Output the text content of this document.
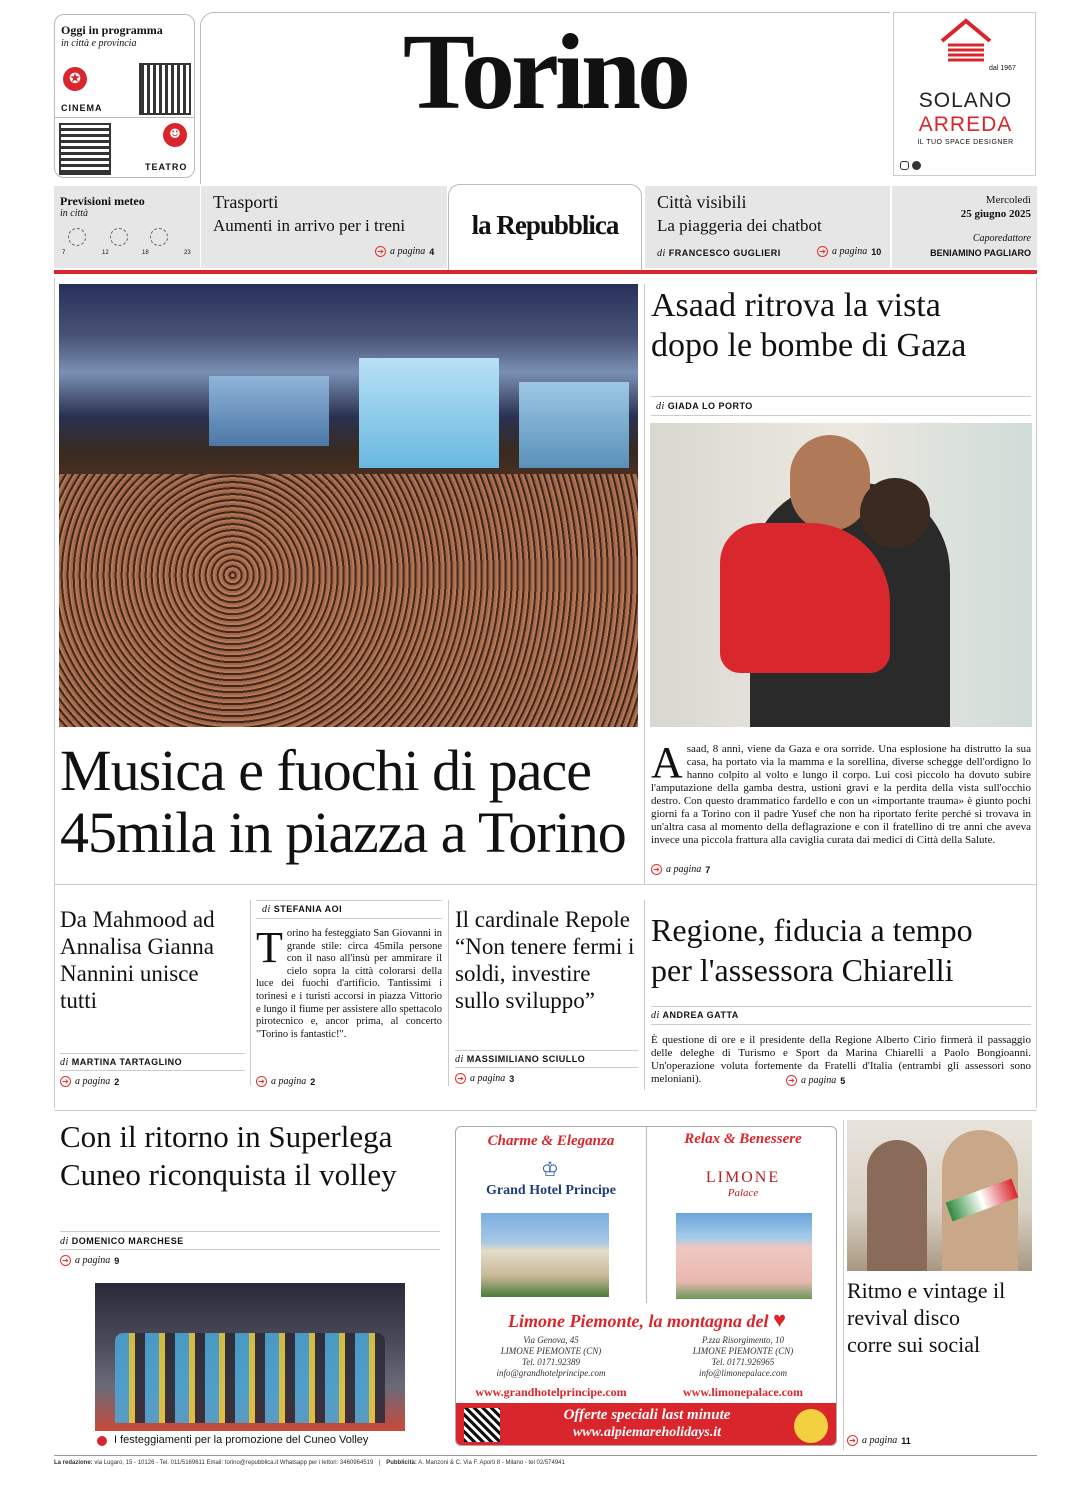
Oggi in programma
in città e provincia
✪
CINEMA
☻
TEATRO
Torino	dal 1967
SOLANO
ARREDA
IL TUO SPACE DESIGNER
Previsioni meteo
in città
7	12	18	23
Trasporti
Aumenti in arrivo per i treni
➔ a pagina 4
la Repubblica
Città visibili
La piaggeria dei chatbot
di FRANCESCO GUGLIERI	➔ a pagina 10
Mercoledì
25 giugno 2025
Caporedattore
BENIAMINO PAGLIARO
Musica e fuochi di pace
45mila in piazza a Torino
Asaad ritrova la vista
dopo le bombe di Gaza
di GIADA LO PORTO
Asaad, 8 anni, viene da Gaza e ora sorride. Una esplosione ha distrutto la sua casa, ha portato via la mamma e la sorellina, diverse schegge dell'ordigno lo hanno colpito al volto e lungo il corpo. Lui così piccolo ha dovuto subire l'amputazione della gamba destra, ustioni gravi e la perdita della vista sull'occhio destro. Con questo drammatico fardello e con un «importante trauma» è giunto pochi giorni fa a Torino con il padre Yusef che non ha riportato ferite perché si trovava in un'altra casa al momento della deflagrazione e con il fratellino di tre anni che aveva invece una piccola frattura alla caviglia curata dai medici di Città della Salute.
➔ a pagina 7
Da Mahmood ad Annalisa Gianna Nannini unisce tutti
di MARTINA TARTAGLINO
➔ a pagina 2
di STEFANIA AOI
Torino ha festeggiato San Giovanni in grande stile: circa 45mila persone con il naso all'insù per ammirare il cielo sopra la città colorarsi della luce dei fuochi d'artificio. Tantissimi i torinesi e i turisti accorsi in piazza Vittorio e lungo il fiume per assistere allo spettacolo pirotecnico e, ancor prima, al concerto "Torino is fantastic!".
➔ a pagina 2
Il cardinale Repole “Non tenere fermi i soldi, investire sullo sviluppo”
di MASSIMILIANO SCIULLO
➔ a pagina 3
Regione, fiducia a tempo
per l'assessora Chiarelli
di ANDREA GATTA
È questione di ore e il presidente della Regione Alberto Cirio firmerà il passaggio delle deleghe di Turismo e Sport da Marina Chiarelli a Paolo Bongioanni. Un'operazione voluta fortemente da Fratelli d'Italia (entrambi gli assessori sono meloniani).	➔ a pagina 5
Con il ritorno in Superlega
Cuneo riconquista il volley
di DOMENICO MARCHESE
➔ a pagina 9
I festeggiamenti per la promozione del Cuneo Volley
Charme & Eleganza	Relax & Benessere
♔
Grand Hotel Principe
LIMONE
Palace
Limone Piemonte, la montagna del ♥
Via Genova, 45
LIMONE PIEMONTE (CN)
Tel. 0171.92389
info@grandhotelprincipe.com
P.zza Risorgimento, 10
LIMONE PIEMONTE (CN)
Tel. 0171.926965
info@limonepalace.com
www.grandhotelprincipe.com	www.limonepalace.com
Offerte speciali last minute
www.alpiemareholidays.it
Ritmo e vintage il revival disco corre sui social
➔ a pagina 11
La redazione: via Lugaro, 15 - 10126 - Tel. 011/5169611 Email: torino@repubblica.it Whatsapp per i lettori: 3460964519 | Pubblicità: A. Manzoni & C. Via F. Aporti 8 - Milano - tel 02/574941
